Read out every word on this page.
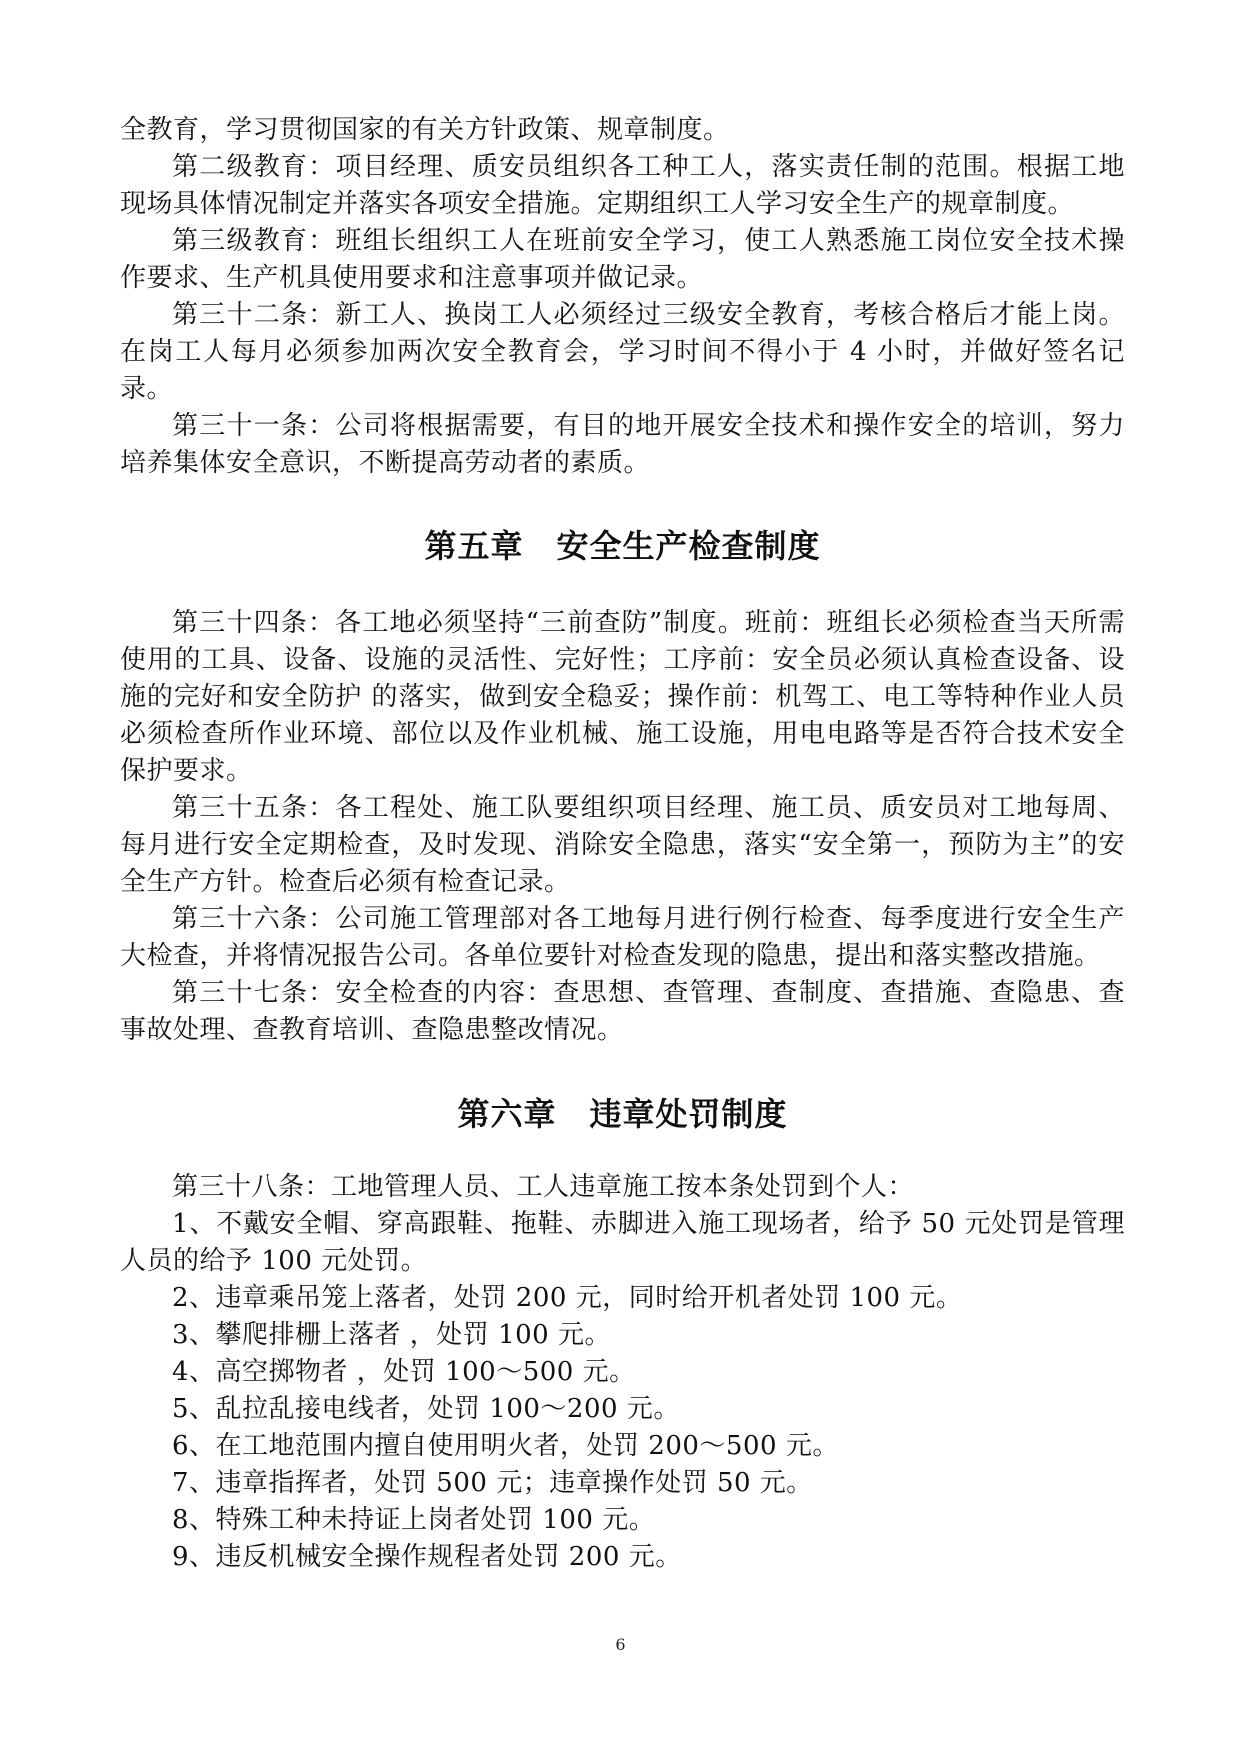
全教育，学习贯彻国家的有关方针政策、规章制度。

第二级教育：项目经理、质安员组织各工种工人，落实责任制的范围。根据工地现场具体情况制定并落实各项安全措施。定期组织工人学习安全生产的规章制度。

第三级教育：班组长组织工人在班前安全学习，使工人熟悉施工岗位安全技术操作要求、生产机具使用要求和注意事项并做记录。

第三十二条：新工人、换岗工人必须经过三级安全教育，考核合格后才能上岗。在岗工人每月必须参加两次安全教育会，学习时间不得小于 4 小时，并做好签名记录。

第三十一条：公司将根据需要，有目的地开展安全技术和操作安全的培训，努力培养集体安全意识，不断提高劳动者的素质。

第五章　安全生产检查制度

第三十四条：各工地必须坚持“三前查防”制度。班前：班组长必须检查当天所需使用的工具、设备、设施的灵活性、完好性；工序前：安全员必须认真检查设备、设施的完好和安全防护 的落实，做到安全稳妥；操作前：机驾工、电工等特种作业人员必须检查所作业环境、部位以及作业机械、施工设施，用电电路等是否符合技术安全保护要求。

第三十五条：各工程处、施工队要组织项目经理、施工员、质安员对工地每周、每月进行安全定期检查，及时发现、消除安全隐患，落实“安全第一，预防为主”的安全生产方针。检查后必须有检查记录。

第三十六条：公司施工管理部对各工地每月进行例行检查、每季度进行安全生产大检查，并将情况报告公司。各单位要针对检查发现的隐患，提出和落实整改措施。

第三十七条：安全检查的内容：查思想、查管理、查制度、查措施、查隐患、查事故处理、查教育培训、查隐患整改情况。

第六章　违章处罚制度

第三十八条：工地管理人员、工人违章施工按本条处罚到个人：

1、不戴安全帽、穿高跟鞋、拖鞋、赤脚进入施工现场者，给予 50 元处罚是管理人员的给予 100 元处罚。

2、违章乘吊笼上落者，处罚 200 元，同时给开机者处罚 100 元。

3、攀爬排栅上落者 ，处罚 100 元。

4、高空掷物者 ，处罚 100～500 元。

5、乱拉乱接电线者，处罚 100～200 元。

6、在工地范围内擅自使用明火者，处罚 200～500 元。

7、违章指挥者，处罚 500 元；违章操作处罚 50 元。

8、特殊工种未持证上岗者处罚 100 元。

9、违反机械安全操作规程者处罚 200 元。

6
